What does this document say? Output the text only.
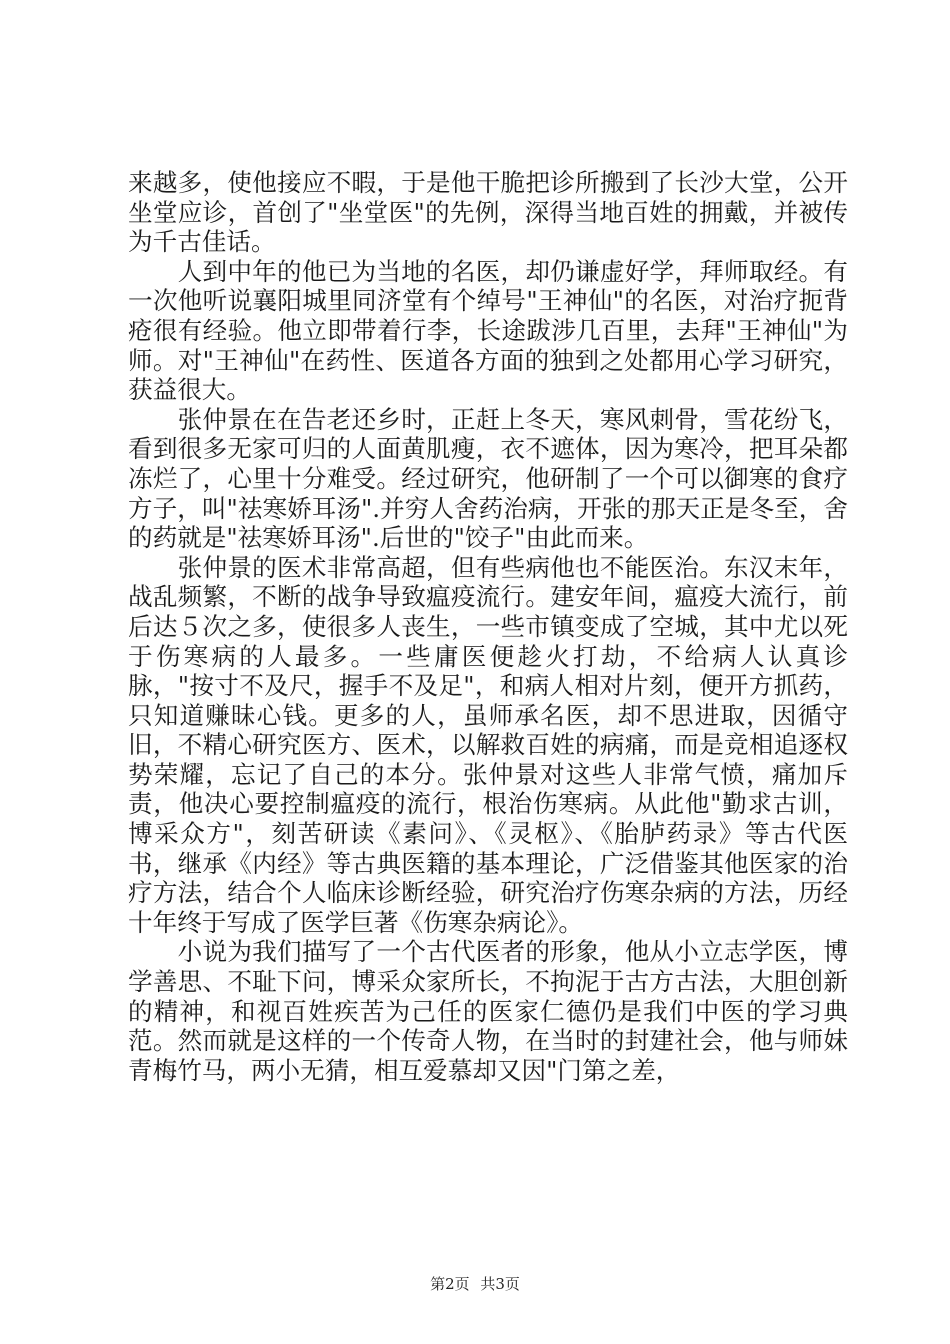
来越多，使他接应不暇，于是他干脆把诊所搬到了长沙大堂，公开坐堂应诊，首创了"坐堂医"的先例，深得当地百姓的拥戴，并被传为千古佳话。

　　人到中年的他已为当地的名医，却仍谦虚好学，拜师取经。有一次他听说襄阳城里同济堂有个绰号"王神仙"的名医，对治疗扼背疮很有经验。他立即带着行李，长途跋涉几百里，去拜"王神仙"为师。对"王神仙"在药性、医道各方面的独到之处都用心学习研究，获益很大。

　　张仲景在在告老还乡时，正赶上冬天，寒风刺骨，雪花纷飞，看到很多无家可归的人面黄肌瘦，衣不遮体，因为寒冷，把耳朵都冻烂了，心里十分难受。经过研究，他研制了一个可以御寒的食疗方子，叫"祛寒娇耳汤".并穷人舍药治病，开张的那天正是冬至，舍的药就是"祛寒娇耳汤".后世的"饺子"由此而来。

　　张仲景的医术非常高超，但有些病他也不能医治。东汉末年，战乱频繁，不断的战争导致瘟疫流行。建安年间，瘟疫大流行，前后达５次之多，使很多人丧生，一些市镇变成了空城，其中尤以死于伤寒病的人最多。一些庸医便趁火打劫，不给病人认真诊脉，"按寸不及尺，握手不及足"，和病人相对片刻，便开方抓药，只知道赚昧心钱。更多的人，虽师承名医，却不思进取，因循守旧，不精心研究医方、医术，以解救百姓的病痛，而是竞相追逐权势荣耀，忘记了自己的本分。张仲景对这些人非常气愤，痛加斥责，他决心要控制瘟疫的流行，根治伤寒病。从此他"勤求古训，博采众方"，刻苦研读《素问》、《灵枢》、《胎胪药录》等古代医书，继承《内经》等古典医籍的基本理论，广泛借鉴其他医家的治疗方法，结合个人临床诊断经验，研究治疗伤寒杂病的方法，历经十年终于写成了医学巨著《伤寒杂病论》。

　　小说为我们描写了一个古代医者的形象，他从小立志学医，博学善思、不耻下问，博采众家所长，不拘泥于古方古法，大胆创新的精神，和视百姓疾苦为己任的医家仁德仍是我们中医的学习典范。然而就是这样的一个传奇人物，在当时的封建社会，他与师妹青梅竹马，两小无猜，相互爱慕却又因"门第之差，

第2页 共3页
